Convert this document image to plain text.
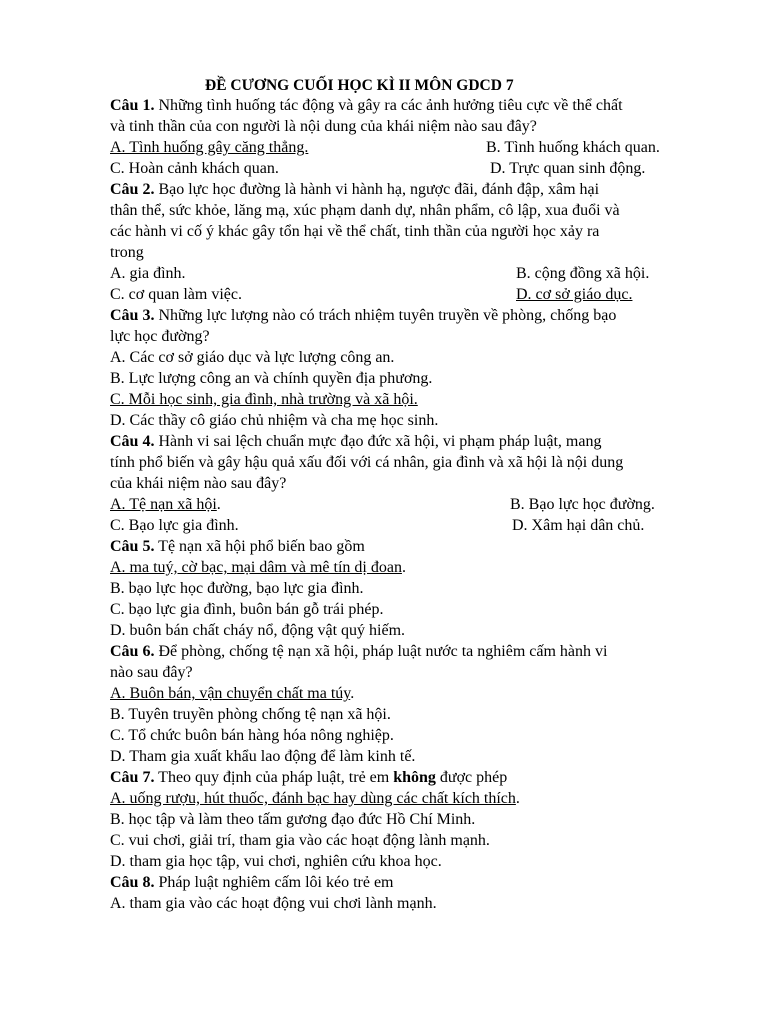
ĐỀ CƯƠNG CUỐI HỌC KÌ II MÔN GDCD 7
Câu 1. Những tình huống tác động và gây ra các ảnh hưởng tiêu cực về thể chất
và tinh thần của con người là nội dung của khái niệm nào sau đây?
A. Tình huống gây căng thẳng.	B. Tình huống khách quan.
C. Hoàn cảnh khách quan.	D. Trực quan sinh động.
Câu 2. Bạo lực học đường là hành vi hành hạ, ngược đãi, đánh đập, xâm hại
thân thể, sức khỏe, lăng mạ, xúc phạm danh dự, nhân phẩm, cô lập, xua đuổi và
các hành vi cố ý khác gây tổn hại về thể chất, tinh thần của người học xảy ra
trong
A. gia đình.	B. cộng đồng xã hội.
C. cơ quan làm việc.	D. cơ sở giáo dục.
Câu 3. Những lực lượng nào có trách nhiệm tuyên truyền về phòng, chống bạo
lực học đường?
A. Các cơ sở giáo dục và lực lượng công an.
B. Lực lượng công an và chính quyền địa phương.
C. Mỗi học sinh, gia đình, nhà trường và xã hội.
D. Các thầy cô giáo chủ nhiệm và cha mẹ học sinh.
Câu 4. Hành vi sai lệch chuẩn mực đạo đức xã hội, vi phạm pháp luật, mang
tính phổ biến và gây hậu quả xấu đối với cá nhân, gia đình và xã hội là nội dung
của khái niệm nào sau đây?
A. Tệ nạn xã hội.	B. Bạo lực học đường.
C. Bạo lực gia đình.	D. Xâm hại dân chủ.
Câu 5. Tệ nạn xã hội phổ biến bao gồm
A. ma tuý, cờ bạc, mại dâm và mê tín dị đoan.
B. bạo lực học đường, bạo lực gia đình.
C. bạo lực gia đình, buôn bán gỗ trái phép.
D. buôn bán chất cháy nổ, động vật quý hiếm.
Câu 6. Để phòng, chống tệ nạn xã hội, pháp luật nước ta nghiêm cấm hành vi
nào sau đây?
A. Buôn bán, vận chuyển chất ma túy.
B. Tuyên truyền phòng chống tệ nạn xã hội.
C. Tổ chức buôn bán hàng hóa nông nghiệp.
D. Tham gia xuất khẩu lao động để làm kinh tế.
Câu 7. Theo quy định của pháp luật, trẻ em không được phép
A. uống rượu, hút thuốc, đánh bạc hay dùng các chất kích thích.
B. học tập và làm theo tấm gương đạo đức Hồ Chí Minh.
C. vui chơi, giải trí, tham gia vào các hoạt động lành mạnh.
D. tham gia học tập, vui chơi, nghiên cứu khoa học.
Câu 8. Pháp luật nghiêm cấm lôi kéo trẻ em
A. tham gia vào các hoạt động vui chơi lành mạnh.
